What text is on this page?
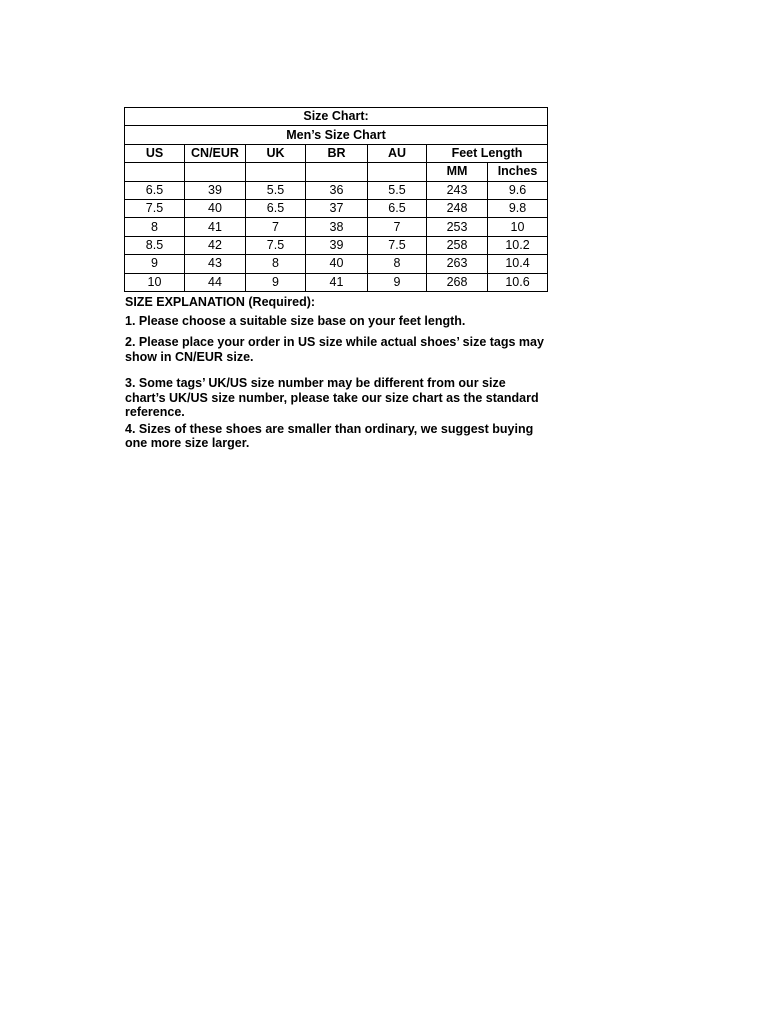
Size Chart:						
Men’s Size Chart						
US	CN/EUR	UK	BR	AU	Feet Length	
					MM	Inches
6.5	39	5.5	36	5.5	243	9.6
7.5	40	6.5	37	6.5	248	9.8
8	41	7	38	7	253	10
8.5	42	7.5	39	7.5	258	10.2
9	43	8	40	8	263	10.4
10	44	9	41	9	268	10.6

SIZE EXPLANATION (Required):

1. Please choose a suitable size base on your feet length.

2. Please place your order in US size while actual shoes’ size tags may show in CN/EUR size.

3. Some tags’ UK/US size number may be different from our size chart’s UK/US size number, please take our size chart as the standard reference.

4. Sizes of these shoes are smaller than ordinary, we suggest buying one more size larger.
